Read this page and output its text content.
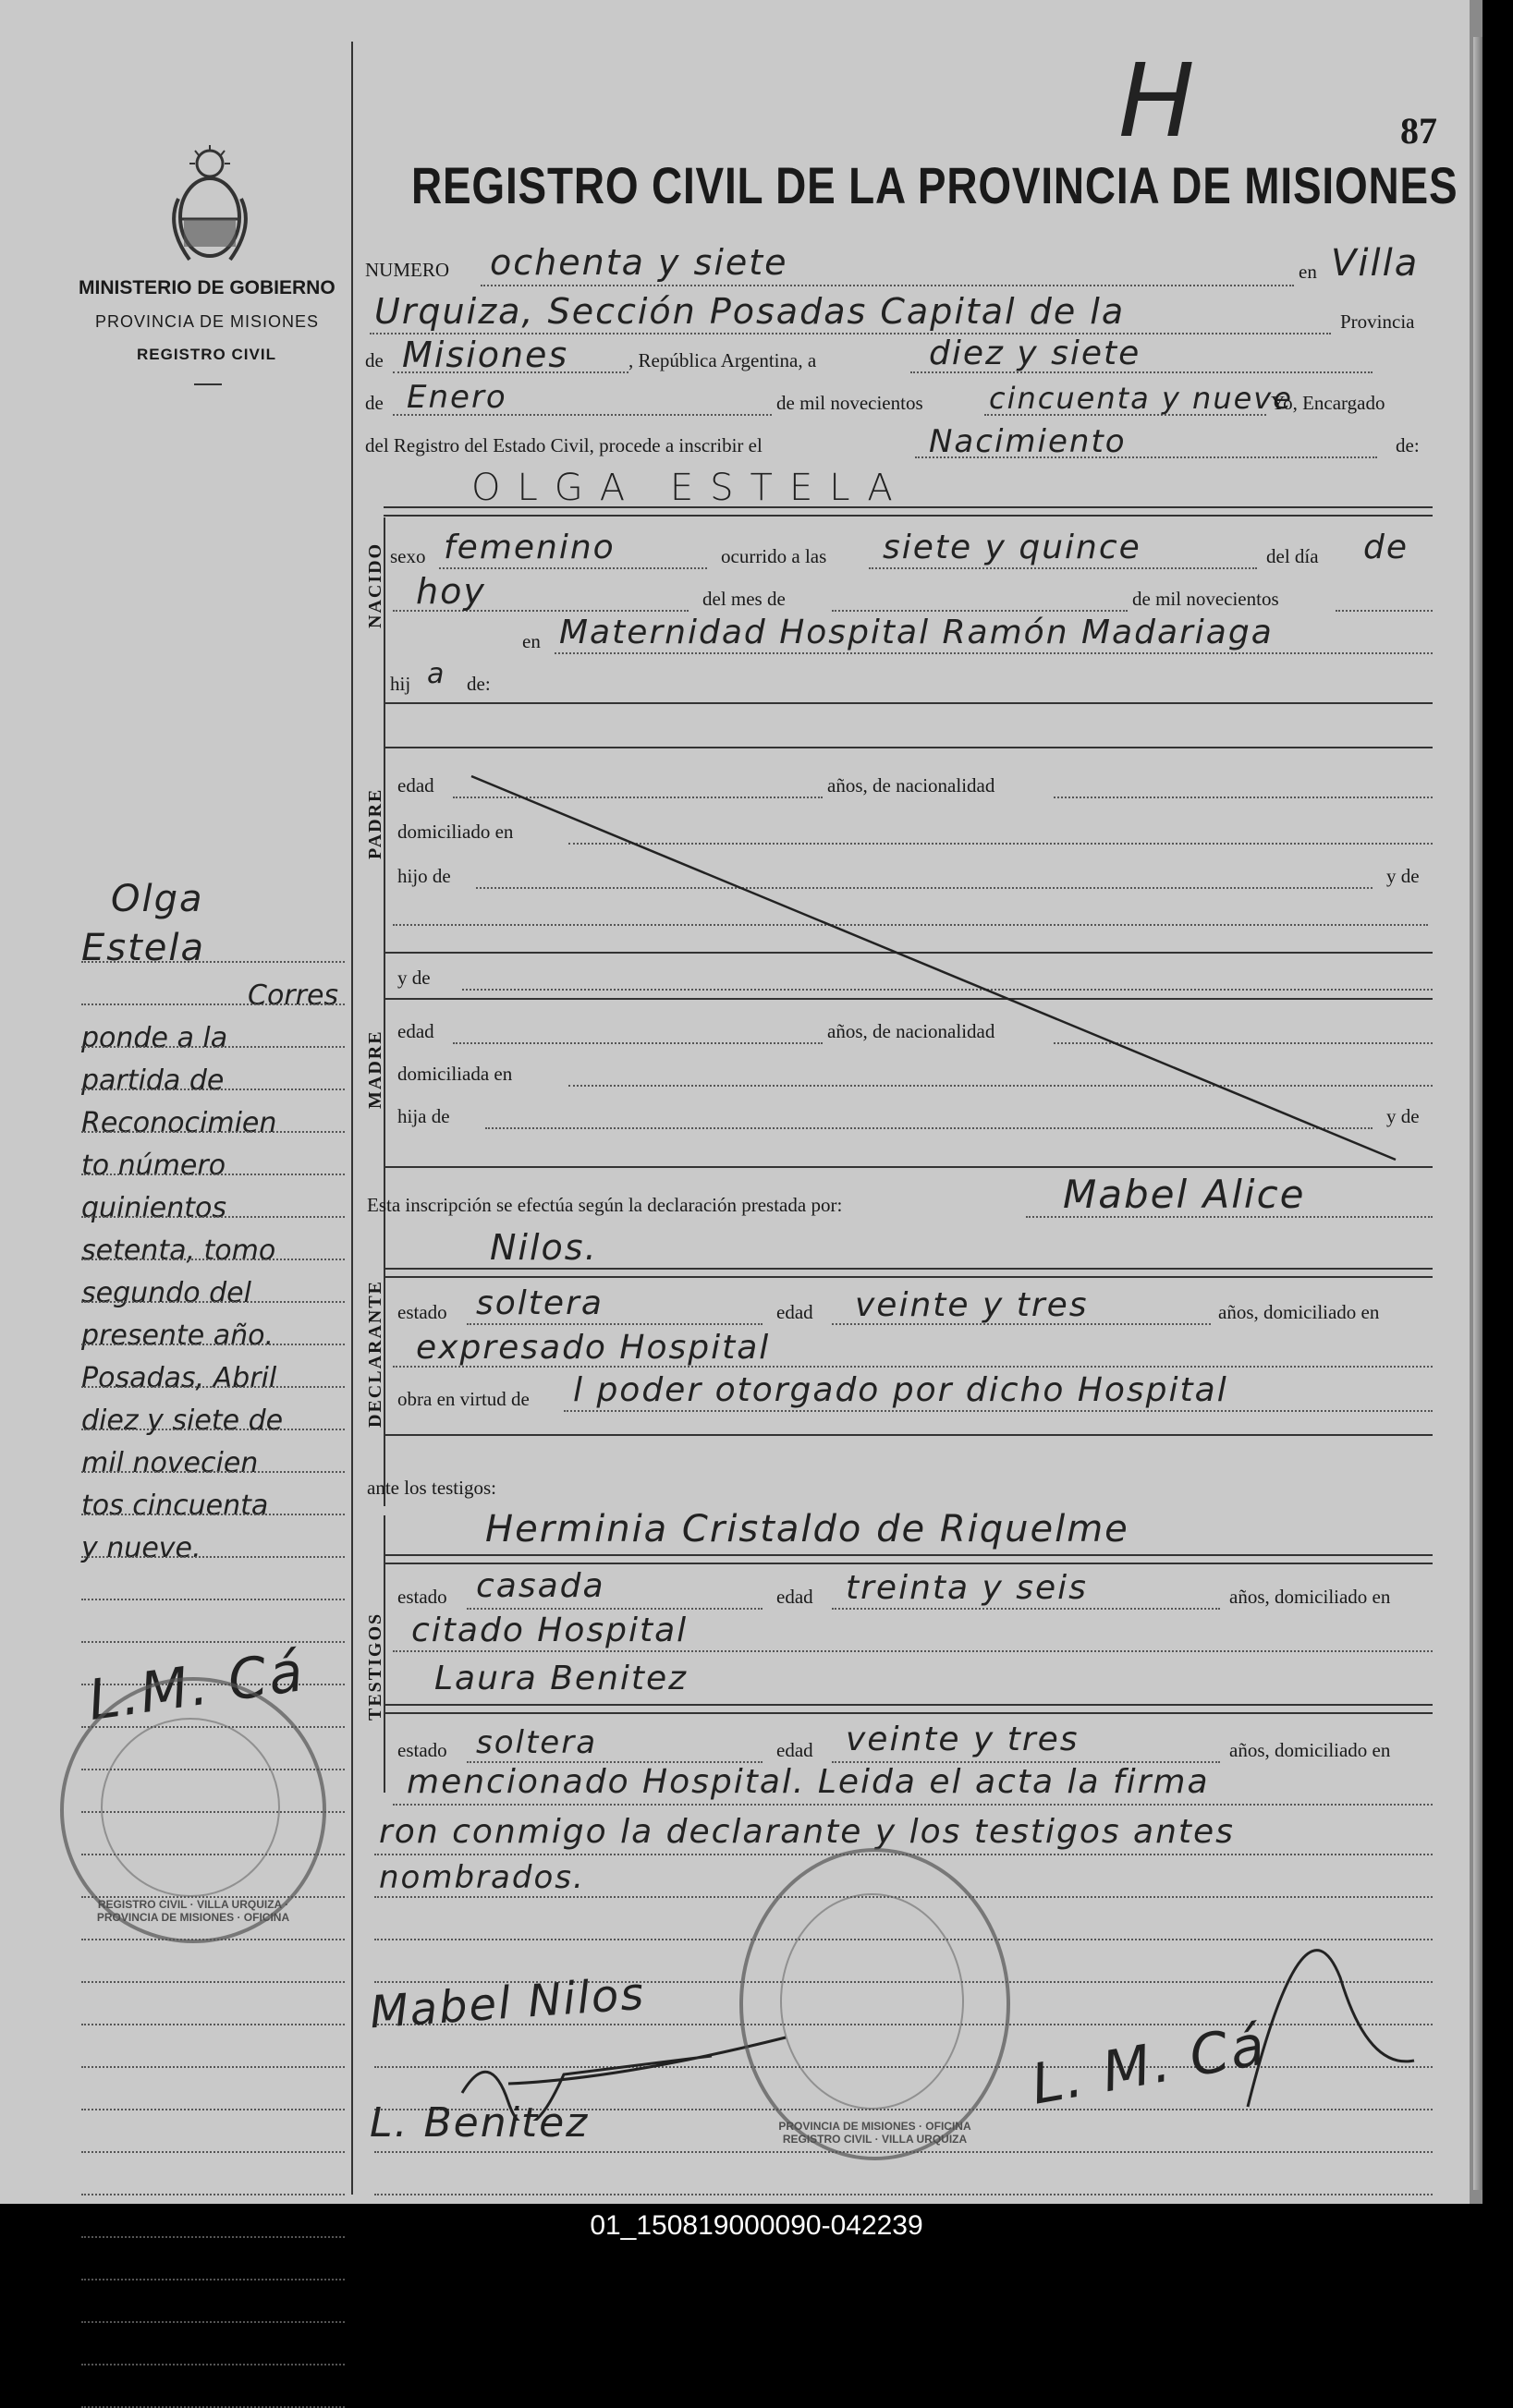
MINISTERIO DE GOBIERNO
PROVINCIA DE MISIONES
REGISTRO CIVIL
Olga
Estela
Corres
ponde a la
partida de
Reconocimien
to número
quinientos
setenta, tomo
segundo del
presente año.
Posadas, Abril
diez y siete de
mil novecien
tos cincuenta
y nueve.
REGISTRO CIVIL DE LA PROVINCIA DE MISIONES
87
H
NUMERO ochenta y siete	en Villa
Urquiza, Sección Posadas Capital de la	Provincia
de Misiones	, República Argentina, a	diez y siete
de Enero	de mil novecientos cincuenta y nueve
Yo, Encargado
del Registro del Estado Civil, procede a inscribir el	Nacimiento	de:
OLGA ESTELA
NACIDO sexo femenino	ocurrido a las siete y quince	del día de
hoy	del mes de	de mil novecientos
en Maternidad Hospital Ramón Madariaga
hij a de:
PADRE
edad	años, de nacionalidad
domiciliado en
hijo de	y de
y de
MADRE edad	años, de nacionalidad
domiciliada en
hija de	y de
Esta inscripción se efectúa según la declaración prestada por:	Mabel Alice
Nilos.
DECLARANTE estado soltera	edad veinte y tres	años, domiciliado en
expresado Hospital
obra en virtud de l poder otorgado por dicho Hospital
ante los testigos:
Herminia Cristaldo de Riquelme
TESTIGOS
estado casada	edad treinta y seis	años, domiciliado en
citado Hospital
Laura Benitez
estado soltera	edad veinte y tres	años, domiciliado en
mencionado Hospital. Leida el acta la firma
ron conmigo la declarante y los testigos antes
nombrados.
L.M. Cá
Mabel Nilos
L. Benitez
L. M. Cá
REGISTRO CIVIL · VILLA URQUIZA · PROVINCIA DE MISIONES · OFICINA
PROVINCIA DE MISIONES · OFICINA REGISTRO CIVIL · VILLA URQUIZA
01_150819000090-042239
